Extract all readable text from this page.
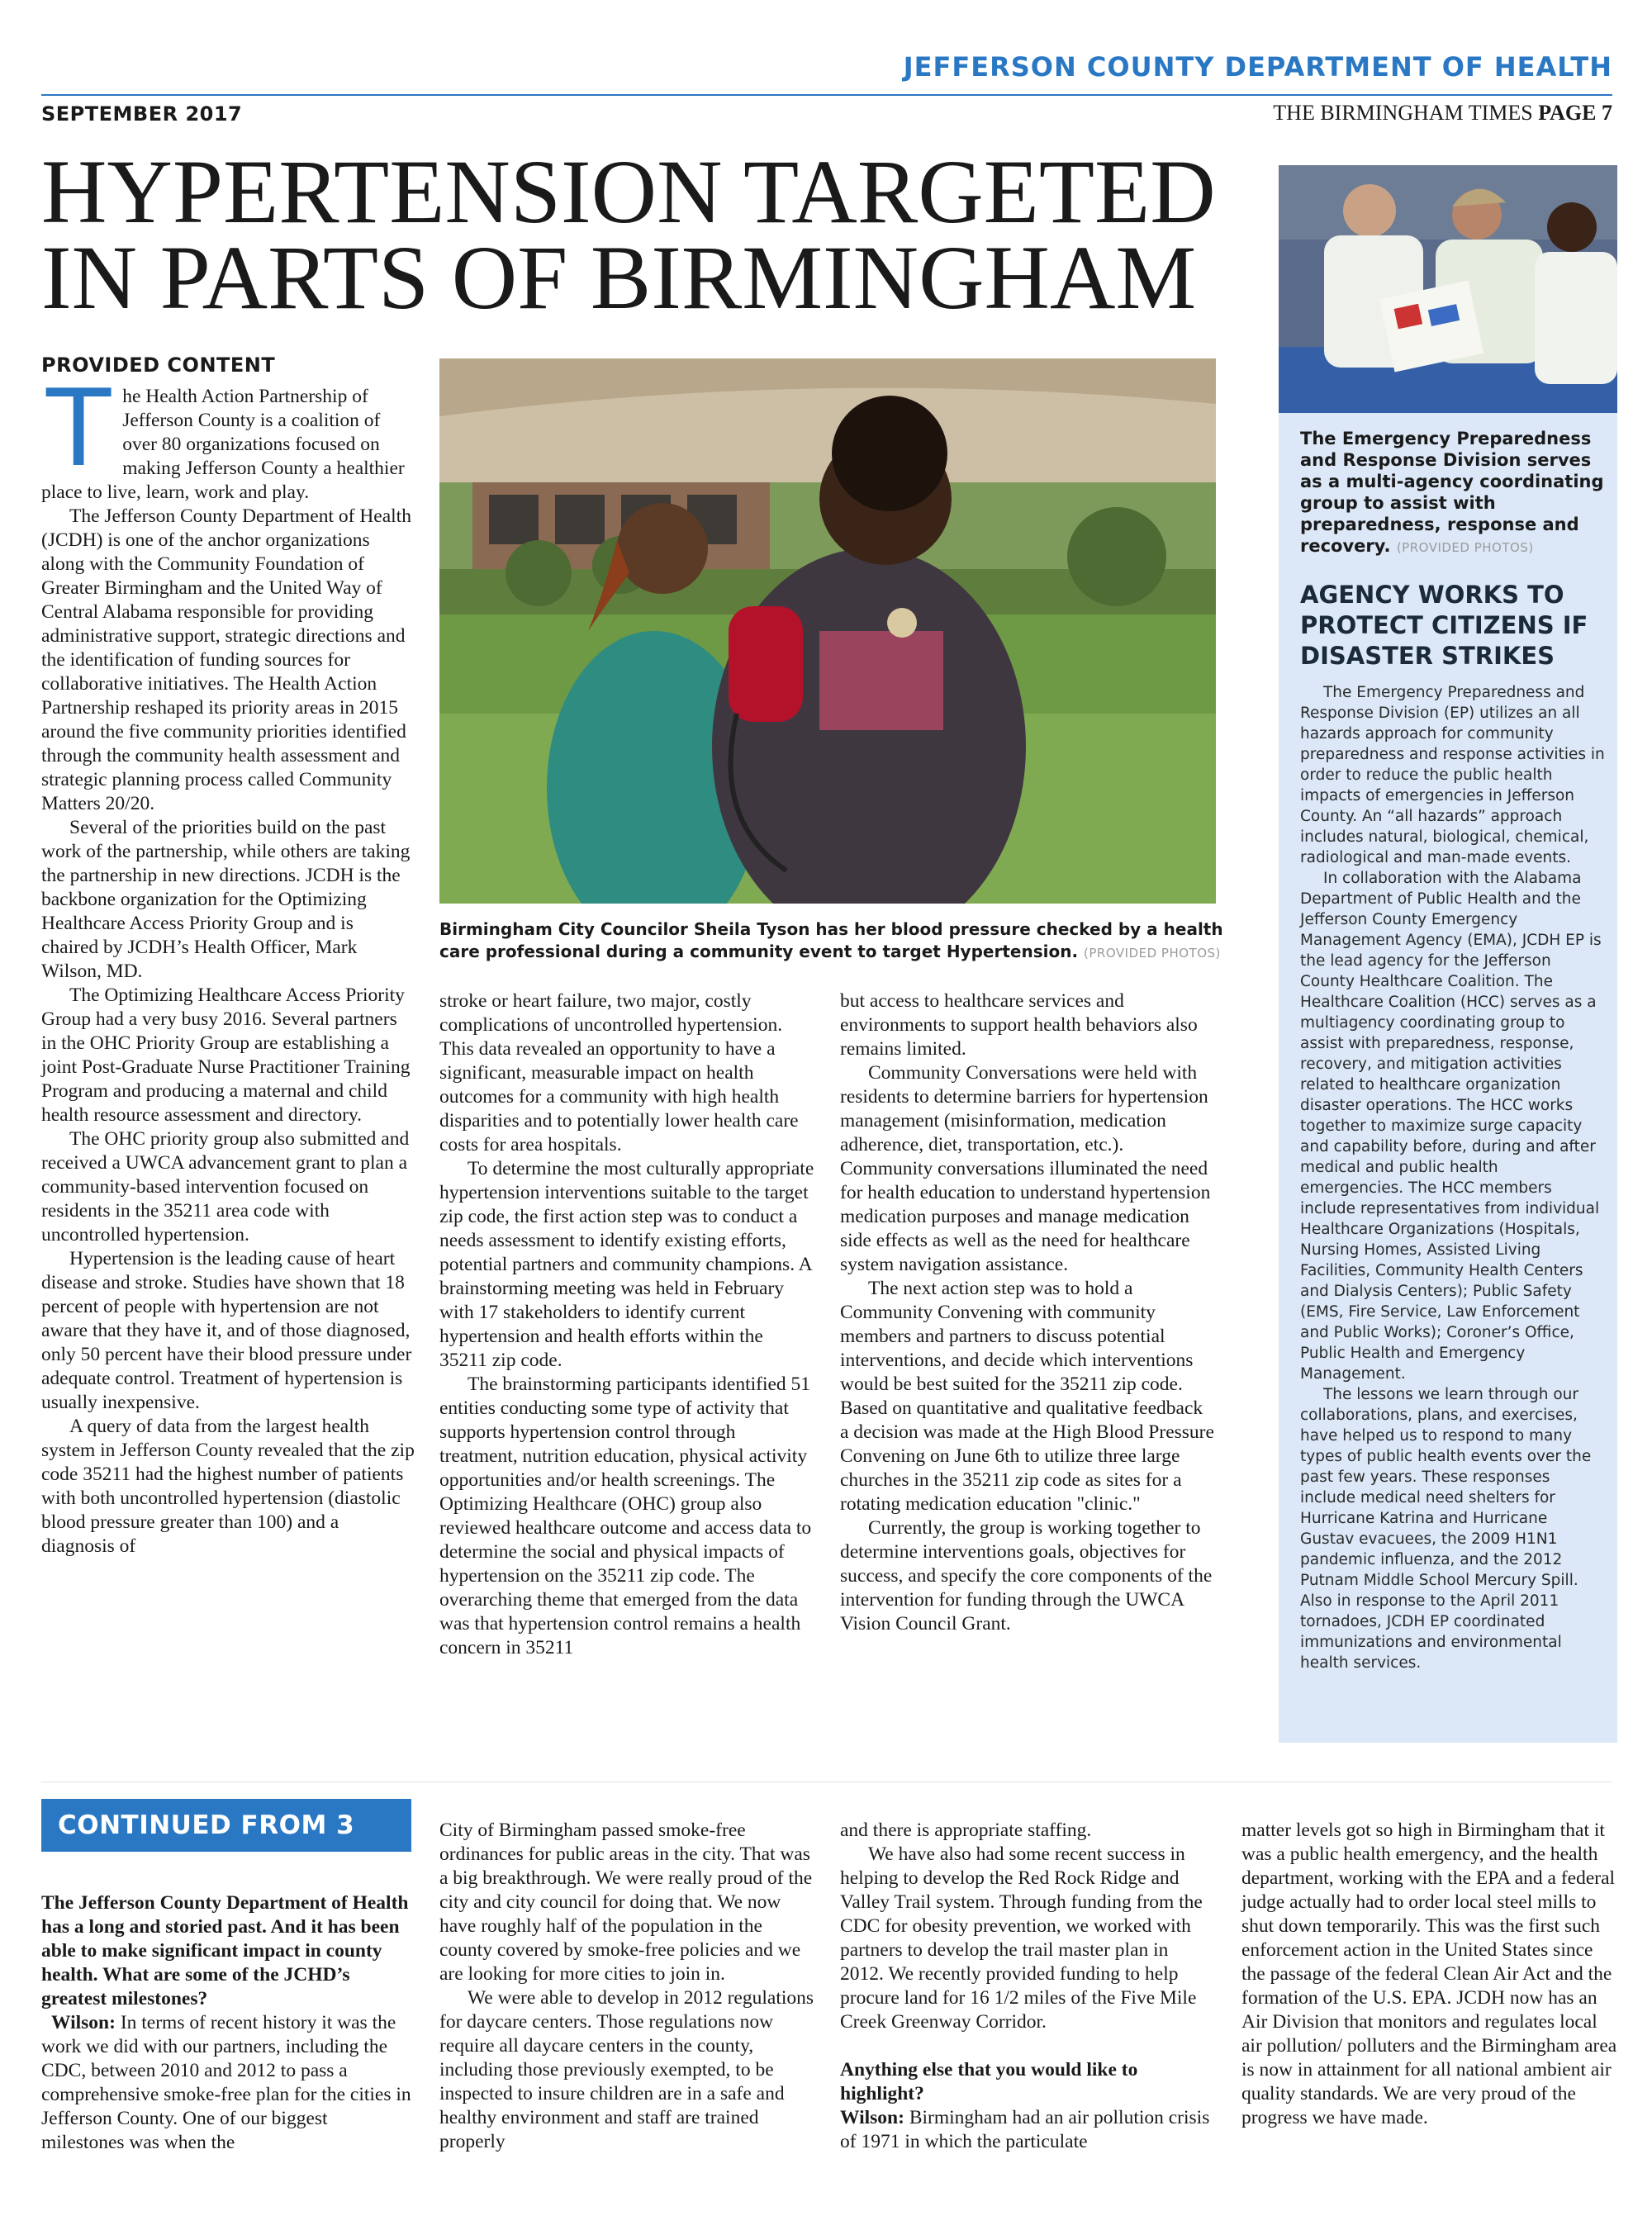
JEFFERSON COUNTY DEPARTMENT OF HEALTH
SEPTEMBER 2017	THE BIRMINGHAM TIMES PAGE 7
HYPERTENSION TARGETED
IN PARTS OF BIRMINGHAM
PROVIDED CONTENT

The Health Action Partnership of Jefferson County is a coalition of over 80 organizations focused on making Jefferson County a healthier place to live, learn, work and play.

The Jefferson County Department of Health (JCDH) is one of the anchor organizations along with the Community Foundation of Greater Birmingham and the United Way of Central Alabama responsible for providing administrative support, strategic directions and the identification of funding sources for collaborative initiatives. The Health Action Partnership reshaped its priority areas in 2015 around the five community priorities identified through the community health assessment and strategic planning process called Community Matters 20/20.

Several of the priorities build on the past work of the partnership, while others are taking the partnership in new directions. JCDH is the backbone organization for the Optimizing Healthcare Access Priority Group and is chaired by JCDH’s Health Officer, Mark Wilson, MD.

The Optimizing Healthcare Access Priority Group had a very busy 2016. Several partners in the OHC Priority Group are establishing a joint Post-Graduate Nurse Practitioner Training Program and producing a maternal and child health resource assessment and directory.

The OHC priority group also submitted and received a UWCA advancement grant to plan a community-based intervention focused on residents in the 35211 area code with uncontrolled hypertension.

Hypertension is the leading cause of heart disease and stroke. Studies have shown that 18 percent of people with hypertension are not aware that they have it, and of those diagnosed, only 50 percent have their blood pressure under adequate control. Treatment of hypertension is usually inexpensive.

A query of data from the largest health system in Jefferson County revealed that the zip code 35211 had the highest number of patients with both uncontrolled hypertension (diastolic blood pressure greater than 100) and a diagnosis of

Birmingham City Councilor Sheila Tyson has her blood pressure checked by a health care professional during a community event to target Hypertension. (PROVIDED PHOTOS)

stroke or heart failure, two major, costly complications of uncontrolled hypertension. This data revealed an opportunity to have a significant, measurable impact on health outcomes for a community with high health disparities and to potentially lower health care costs for area hospitals.

To determine the most culturally appropriate hypertension interventions suitable to the target zip code, the first action step was to conduct a needs assessment to identify existing efforts, potential partners and community champions. A brainstorming meeting was held in February with 17 stakeholders to identify current hypertension and health efforts within the 35211 zip code.

The brainstorming participants identified 51 entities conducting some type of activity that supports hypertension control through treatment, nutrition education, physical activity opportunities and/or health screenings. The Optimizing Healthcare (OHC) group also reviewed healthcare outcome and access data to determine the social and physical impacts of hypertension on the 35211 zip code. The overarching theme that emerged from the data was that hypertension control remains a health concern in 35211

but access to healthcare services and environments to support health behaviors also remains limited.

Community Conversations were held with residents to determine barriers for hypertension management (misinformation, medication adherence, diet, transportation, etc.). Community conversations illuminated the need for health education to understand hypertension medication purposes and manage medication side effects as well as the need for healthcare system navigation assistance.

The next action step was to hold a Community Convening with community members and partners to discuss potential interventions, and decide which interventions would be best suited for the 35211 zip code. Based on quantitative and qualitative feedback a decision was made at the High Blood Pressure Convening on June 6th to utilize three large churches in the 35211 zip code as sites for a rotating medication education "clinic."

Currently, the group is working together to determine interventions goals, objectives for success, and specify the core components of the intervention for funding through the UWCA Vision Council Grant.

The Emergency Preparedness and Response Division serves as a multi-agency coordinating group to assist with preparedness, response and recovery. (PROVIDED PHOTOS)
AGENCY WORKS TO PROTECT CITIZENS IF DISASTER STRIKES

The Emergency Preparedness and Response Division (EP) utilizes an all hazards approach for community preparedness and response activities in order to reduce the public health impacts of emergencies in Jefferson County. An “all hazards” approach includes natural, biological, chemical, radiological and man-made events.

In collaboration with the Alabama Department of Public Health and the Jefferson County Emergency Management Agency (EMA), JCDH EP is the lead agency for the Jefferson County Healthcare Coalition. The Healthcare Coalition (HCC) serves as a multiagency coordinating group to assist with preparedness, response, recovery, and mitigation activities related to healthcare organization disaster operations. The HCC works together to maximize surge capacity and capability before, during and after medical and public health emergencies. The HCC members include representatives from individual Healthcare Organizations (Hospitals, Nursing Homes, Assisted Living Facilities, Community Health Centers and Dialysis Centers); Public Safety (EMS, Fire Service, Law Enforcement and Public Works); Coroner’s Office, Public Health and Emergency Management.

The lessons we learn through our collaborations, plans, and exercises, have helped us to respond to many types of public health events over the past few years. These responses include medical need shelters for Hurricane Katrina and Hurricane Gustav evacuees, the 2009 H1N1 pandemic influenza, and the 2012 Putnam Middle School Mercury Spill. Also in response to the April 2011 tornadoes, JCDH EP coordinated immunizations and environmental health services.

CONTINUED FROM 3

The Jefferson County Department of Health has a long and storied past. And it has been able to make significant impact in county health. What are some of the JCHD’s greatest milestones?

Wilson: In terms of recent history it was the work we did with our partners, including the CDC, between 2010 and 2012 to pass a comprehensive smoke-free plan for the cities in Jefferson County. One of our biggest milestones was when the

City of Birmingham passed smoke-free ordinances for public areas in the city. That was a big breakthrough. We were really proud of the city and city council for doing that. We now have roughly half of the population in the county covered by smoke-free policies and we are looking for more cities to join in.

We were able to develop in 2012 regulations for daycare centers. Those regulations now require all daycare centers in the county, including those previously exempted, to be inspected to insure children are in a safe and healthy environment and staff are trained properly

and there is appropriate staffing.

We have also had some recent success in helping to develop the Red Rock Ridge and Valley Trail system. Through funding from the CDC for obesity prevention, we worked with partners to develop the trail master plan in 2012. We recently provided funding to help procure land for 16 1/2 miles of the Five Mile Creek Greenway Corridor.

Anything else that you would like to highlight?

Wilson: Birmingham had an air pollution crisis of 1971 in which the particulate

matter levels got so high in Birmingham that it was a public health emergency, and the health department, working with the EPA and a federal judge actually had to order local steel mills to shut down temporarily. This was the first such enforcement action in the United States since the passage of the federal Clean Air Act and the formation of the U.S. EPA. JCDH now has an Air Division that monitors and regulates local air pollution/ polluters and the Birmingham area is now in attainment for all national ambient air quality standards. We are very proud of the progress we have made.
